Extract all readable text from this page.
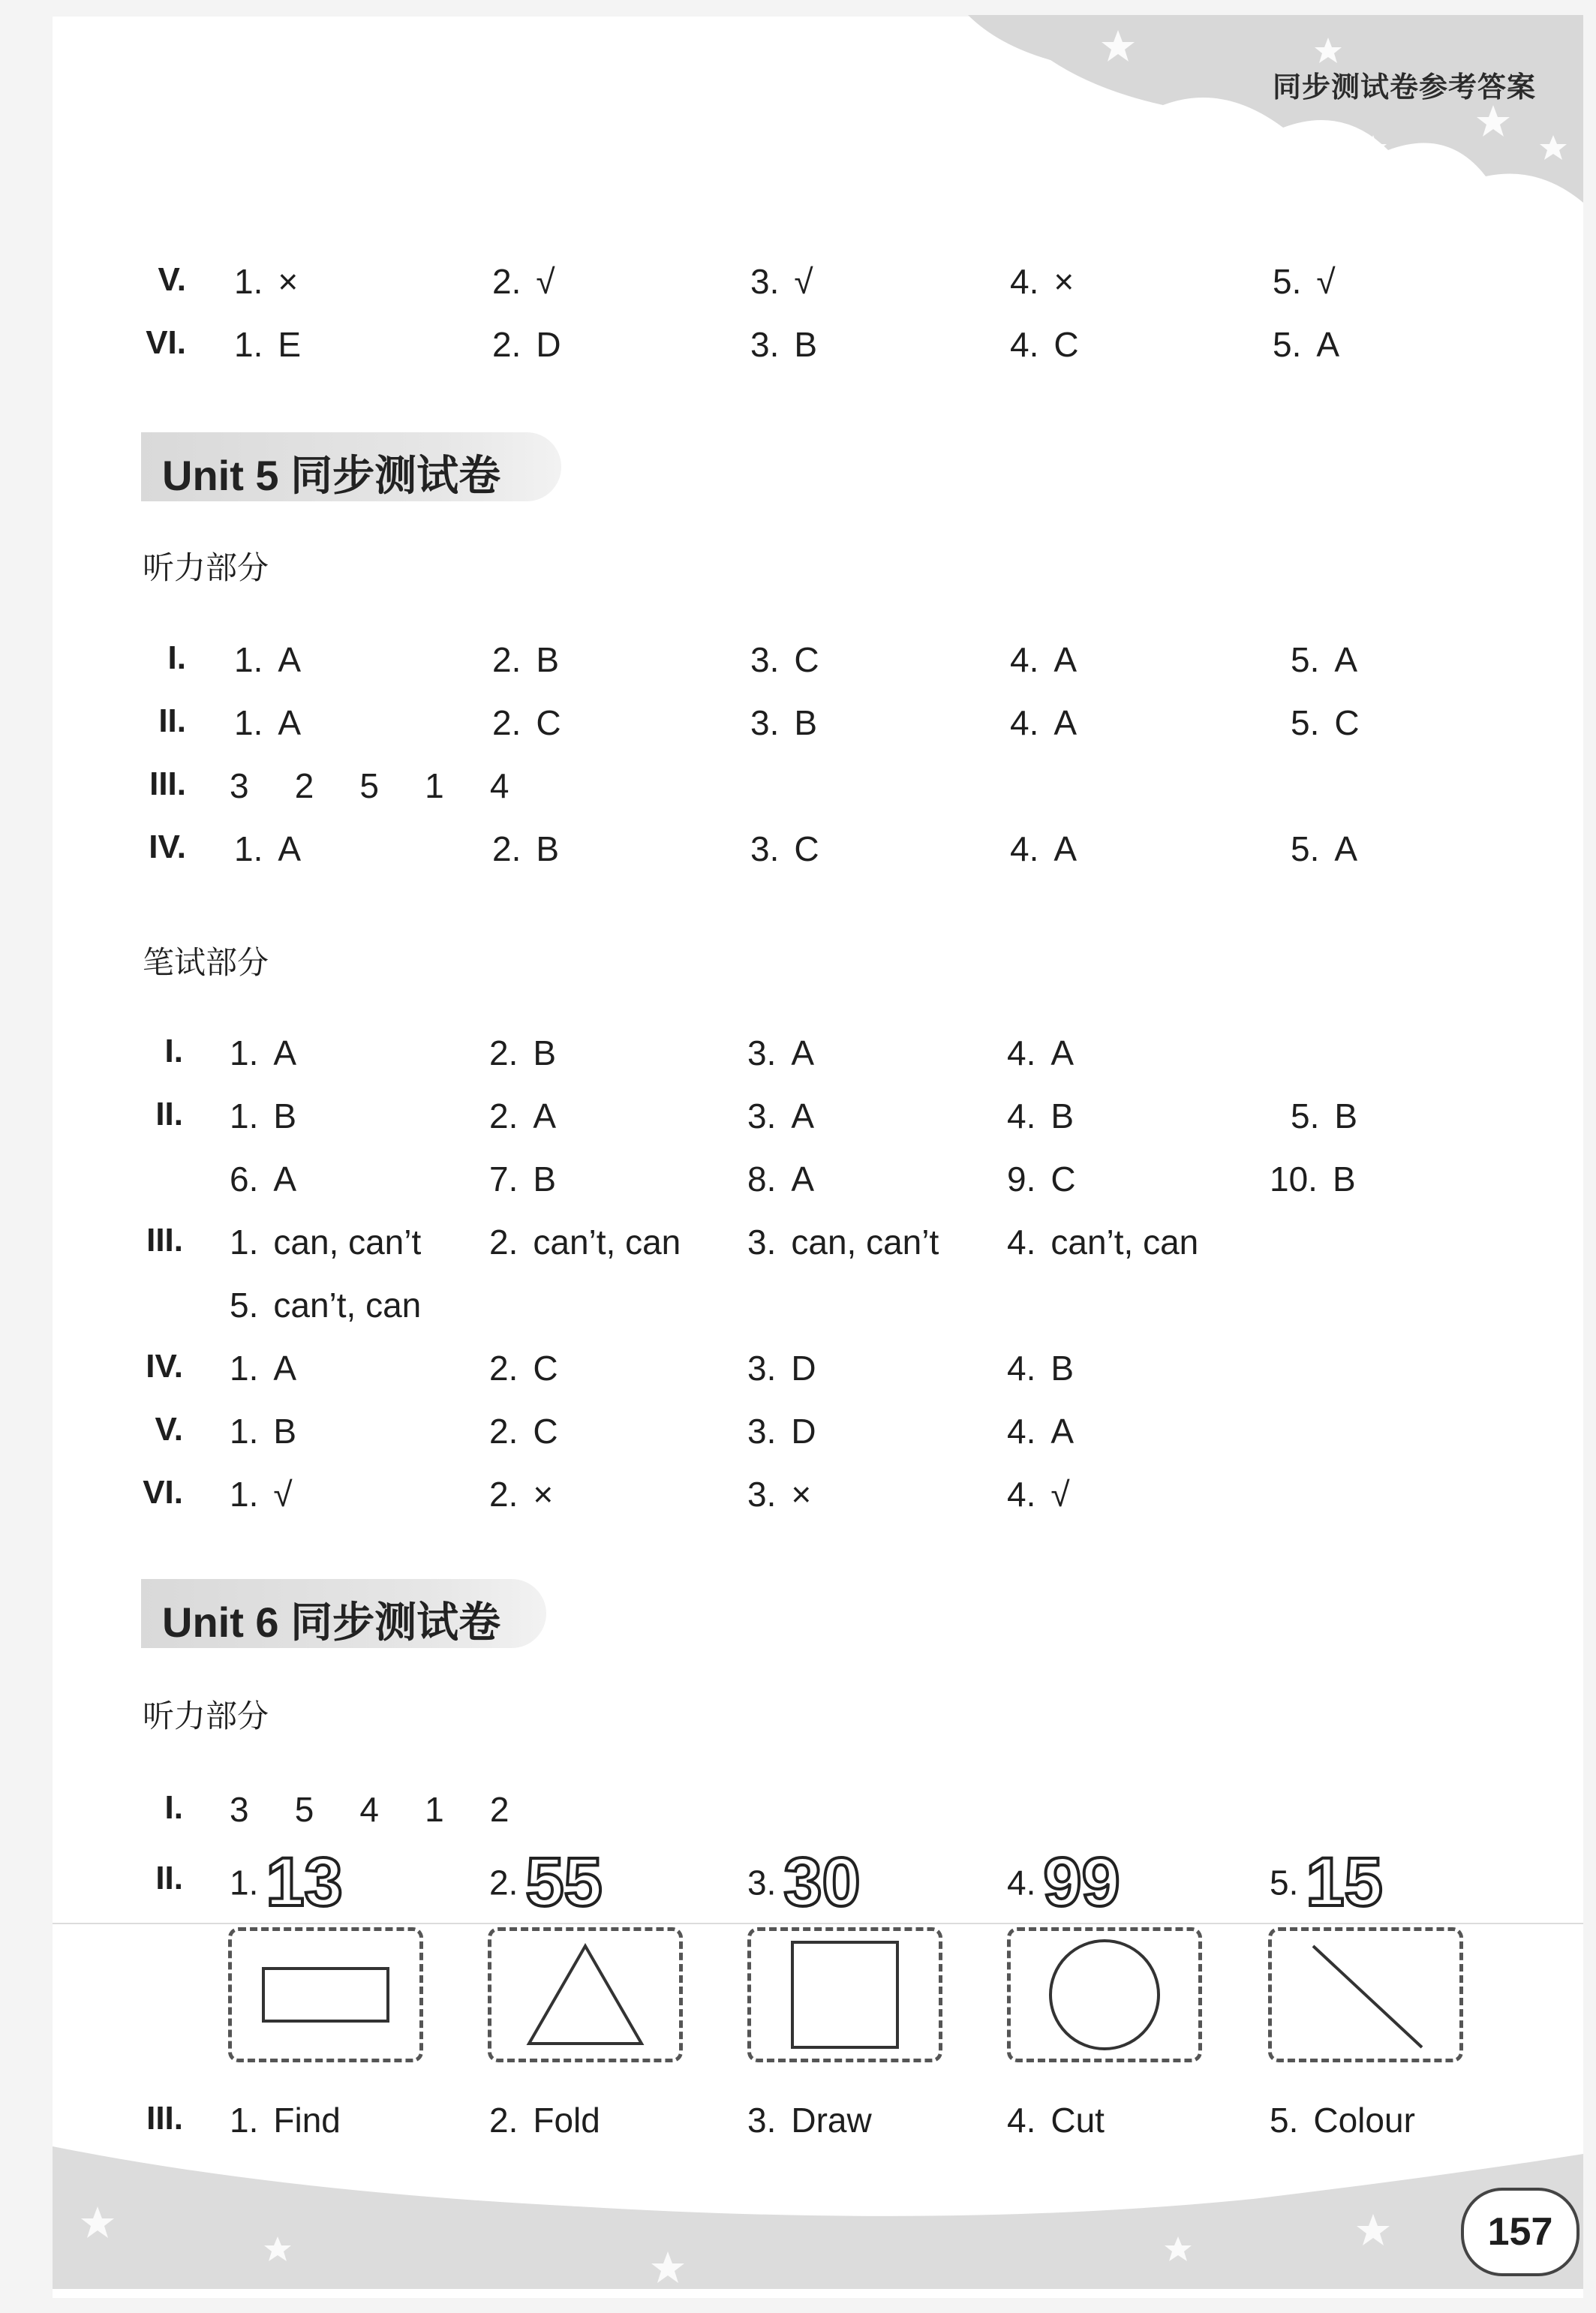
同步测试卷参考答案
V. 1. ×	2. √	3. √	4. ×	5. √
VI. 1. E	2. D	3. B	4. C	5. A
Unit 5 同步测试卷
听力部分
I. 1. A	2. B	3. C	4. A	5. A
II. 1. A	2. C	3. B	4. A	5. C
III. 3    2    5    1    4
IV. 1. A	2. B	3. C	4. A	5. A
笔试部分
I. 1. A	2. B	3. A	4. A
II. 1. B	2. A	3. A	4. B	5. B
6. A	7. B	8. A	9. C	10. B
III. 1. can, can’t 2. can’t, can 3. can, can’t 4. can’t, can
5. can’t, can
IV. 1. A	2. C	3. D	4. B
V. 1. B	2. C	3. D	4. A
VI. 1. √	2. ×	3. ×	4. √
Unit 6 同步测试卷
听力部分
I. 3    5    4    1    2
II. 1. 13	2. 55	3. 30	4. 99	5. 15
III. 1. Find	2. Fold	3. Draw	4. Cut	5. Colour
157
